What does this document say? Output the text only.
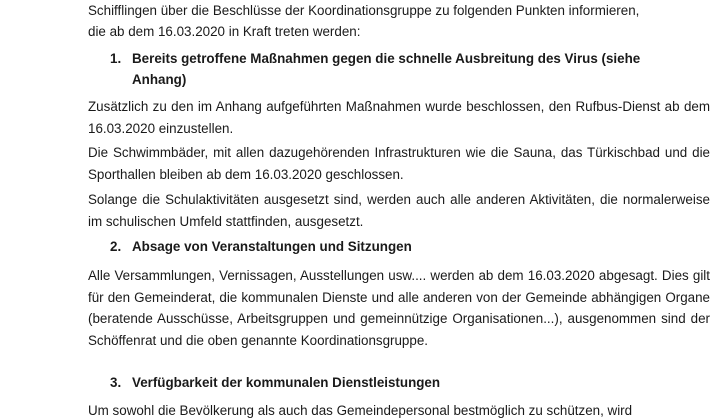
Schifflingen über die Beschlüsse der Koordinationsgruppe zu folgenden Punkten informieren,
die ab dem 16.03.2020 in Kraft treten werden:
1. Bereits getroffene Maßnahmen gegen die schnelle Ausbreitung des Virus (siehe
Anhang)
Zusätzlich zu den im Anhang aufgeführten Maßnahmen wurde beschlossen, den Rufbus-Dienst ab dem 16.03.2020 einzustellen.
Die Schwimmbäder, mit allen dazugehörenden Infrastrukturen wie die Sauna, das Türkischbad und die Sporthallen bleiben ab dem 16.03.2020 geschlossen.
Solange die Schulaktivitäten ausgesetzt sind, werden auch alle anderen Aktivitäten, die normalerweise im schulischen Umfeld stattfinden, ausgesetzt.
2. Absage von Veranstaltungen und Sitzungen
Alle Versammlungen, Vernissagen, Ausstellungen usw.... werden ab dem 16.03.2020 abgesagt. Dies gilt für den Gemeinderat, die kommunalen Dienste und alle anderen von der Gemeinde abhängigen Organe (beratende Ausschüsse, Arbeitsgruppen und gemeinnützige Organisationen...), ausgenommen sind der Schöffenrat und die oben genannte Koordinationsgruppe.
3. Verfügbarkeit der kommunalen Dienstleistungen
Um sowohl die Bevölkerung als auch das Gemeindepersonal bestmöglich zu schützen, wird
